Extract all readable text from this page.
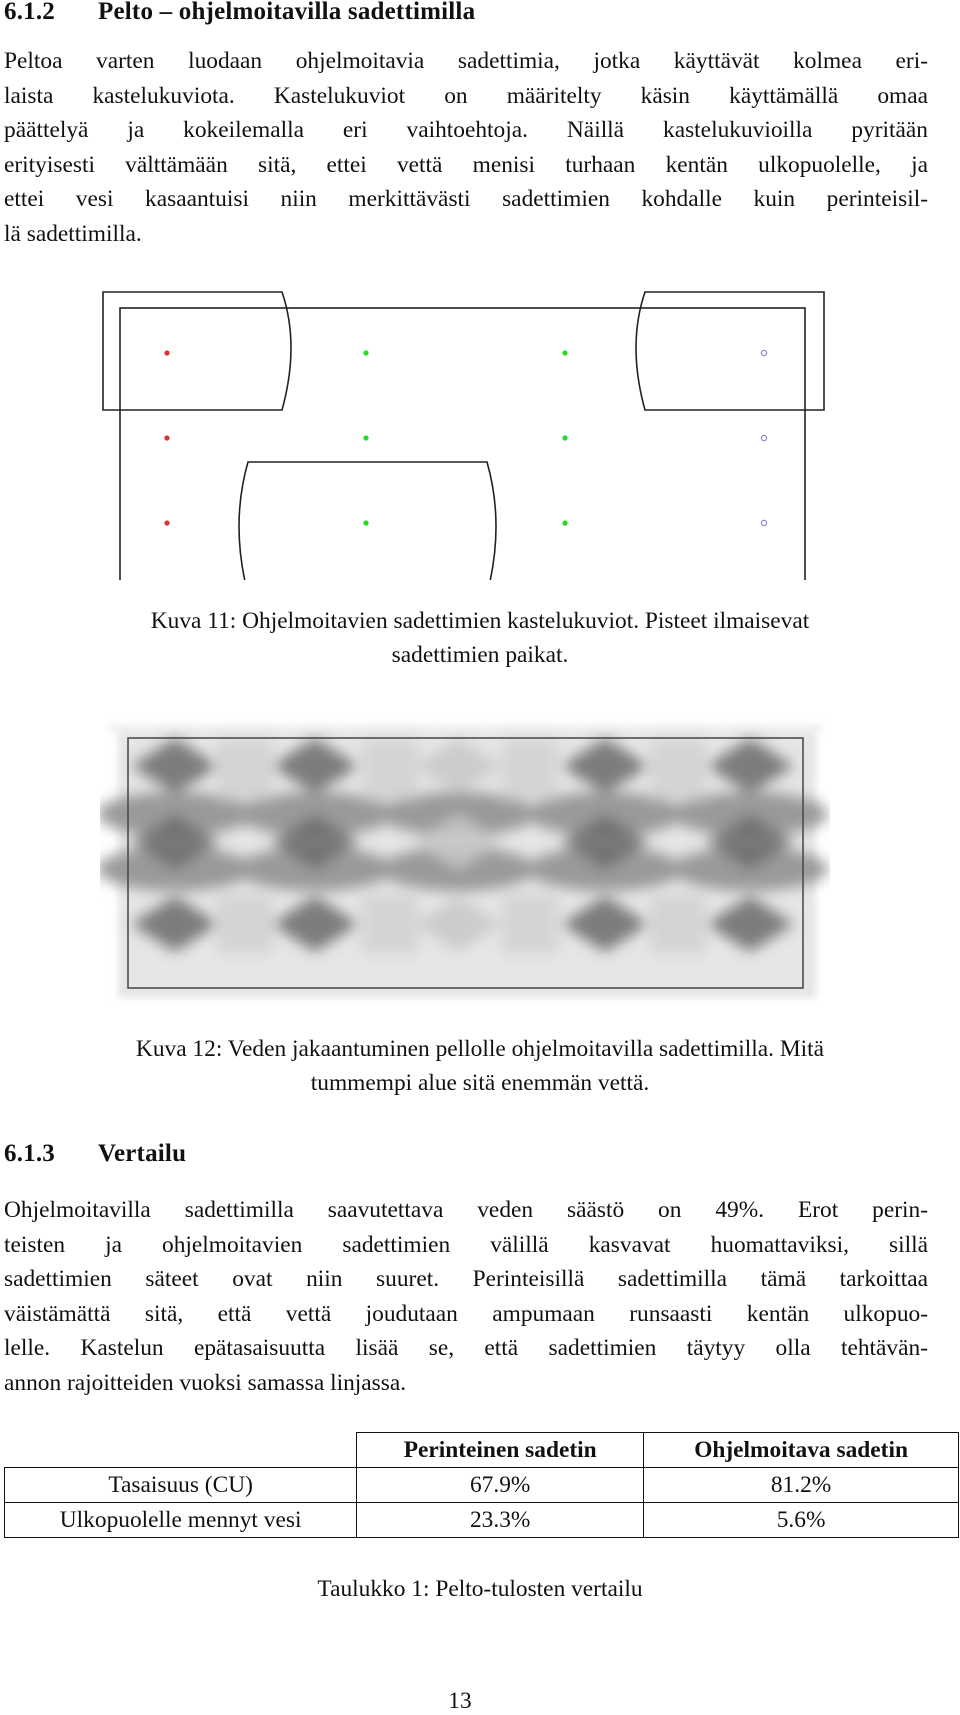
6.1.2 Pelto – ohjelmoitavilla sadettimilla

Peltoa varten luodaan ohjelmoitavia sadettimia, jotka käyttävät kolmea eri-
laista kastelukuviota. Kastelukuviot on määritelty käsin käyttämällä omaa
päättelyä ja kokeilemalla eri vaihtoehtoja. Näillä kastelukuvioilla pyritään
erityisesti välttämään sitä, ettei vettä menisi turhaan kentän ulkopuolelle, ja
ettei vesi kasaantuisi niin merkittävästi sadettimien kohdalle kuin perinteisil-
lä sadettimilla.

Kuva 11: Ohjelmoitavien sadettimien kastelukuviot. Pisteet ilmaisevat
sadettimien paikat.

Kuva 12: Veden jakaantuminen pellolle ohjelmoitavilla sadettimilla. Mitä
tummempi alue sitä enemmän vettä.

6.1.3 Vertailu

Ohjelmoitavilla sadettimilla saavutettava veden säästö on 49%. Erot perin-
teisten ja ohjelmoitavien sadettimien välillä kasvavat huomattaviksi, sillä
sadettimien säteet ovat niin suuret. Perinteisillä sadettimilla tämä tarkoittaa
väistämättä sitä, että vettä joudutaan ampumaan runsaasti kentän ulkopuo-
lelle. Kastelun epätasaisuutta lisää se, että sadettimien täytyy olla tehtävän-
annon rajoitteiden vuoksi samassa linjassa.

	Perinteinen sadetin	Ohjelmoitava sadetin
Tasaisuus (CU)	67.9%	81.2%
Ulkopuolelle mennyt vesi	23.3%	5.6%

Taulukko 1: Pelto-tulosten vertailu

13
